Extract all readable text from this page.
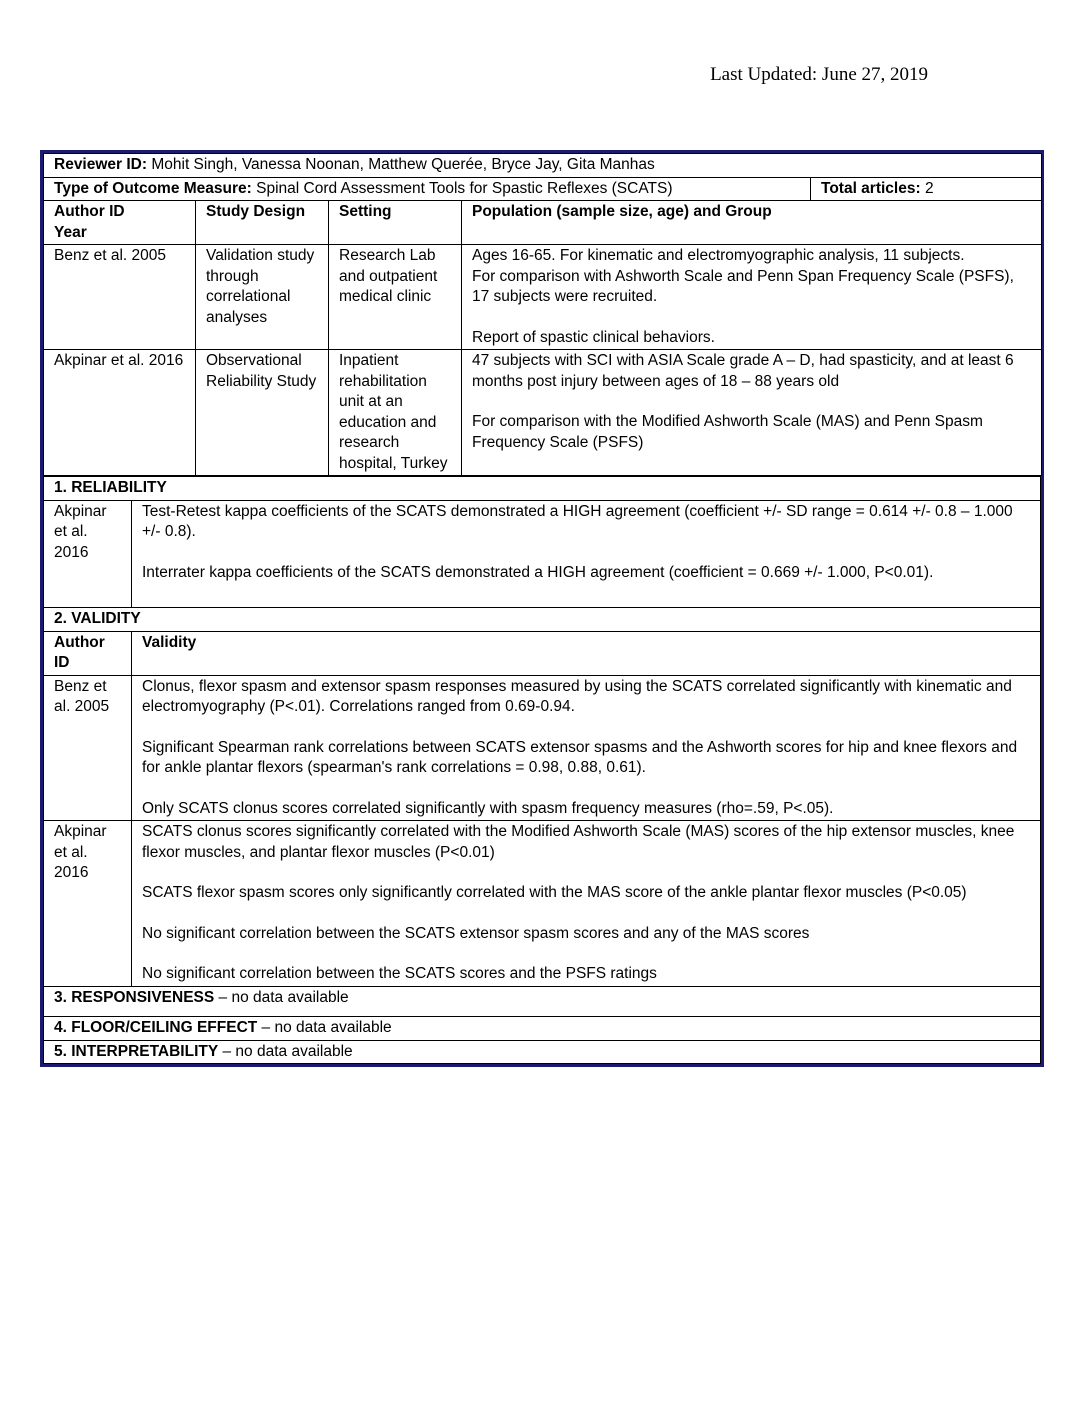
Last Updated: June 27, 2019
Reviewer ID: Mohit Singh, Vanessa Noonan, Matthew Querée, Bryce Jay, Gita Manhas				
Type of Outcome Measure: Spinal Cord Assessment Tools for Spastic Reflexes (SCATS)				Total articles: 2

Author ID
Year	Study Design	Setting	Population (sample size, age) and Group	
Benz et al. 2005	Validation study through correlational analyses	Research Lab and outpatient medical clinic	Ages 16-65. For kinematic and electromyographic analysis, 11 subjects.

For comparison with Ashworth Scale and Penn Span Frequency Scale (PSFS), 17 subjects were recruited.

Report of spastic clinical behaviors.	

Akpinar et al. 2016	Observational Reliability Study	Inpatient rehabilitation unit at an education and research hospital, Turkey	47 subjects with SCI with ASIA Scale grade A – D, had spasticity, and at least 6 months post injury between ages of 18 – 88 years old

For comparison with the Modified Ashworth Scale (MAS) and Penn Spasm Frequency Scale (PSFS)	

1. RELIABILITY	
Akpinar et al. 2016	Test-Retest kappa coefficients of the SCATS demonstrated a HIGH agreement (coefficient +/- SD range = 0.614 +/- 0.8 – 1.000 +/- 0.8).

Interrater kappa coefficients of the SCATS demonstrated a HIGH agreement (coefficient = 0.669 +/- 1.000, P<0.01).

2. VALIDITY	
Author ID	Validity
Benz et al. 2005	Clonus, flexor spasm and extensor spasm responses measured by using the SCATS correlated significantly with kinematic and electromyography (P<.01). Correlations ranged from 0.69-0.94.

Significant Spearman rank correlations between SCATS extensor spasms and the Ashworth scores for hip and knee flexors and for ankle plantar flexors (spearman's rank correlations = 0.98, 0.88, 0.61).

Only SCATS clonus scores correlated significantly with spasm frequency measures (rho=.59, P<.05).

Akpinar et al. 2016	SCATS clonus scores significantly correlated with the Modified Ashworth Scale (MAS) scores of the hip extensor muscles, knee flexor muscles, and plantar flexor muscles (P<0.01)

SCATS flexor spasm scores only significantly correlated with the MAS score of the ankle plantar flexor muscles (P<0.05)

No significant correlation between the SCATS extensor spasm scores and any of the MAS scores

No significant correlation between the SCATS scores and the PSFS ratings

3. RESPONSIVENESS – no data available	
4. FLOOR/CEILING EFFECT – no data available	
5. INTERPRETABILITY – no data available	
